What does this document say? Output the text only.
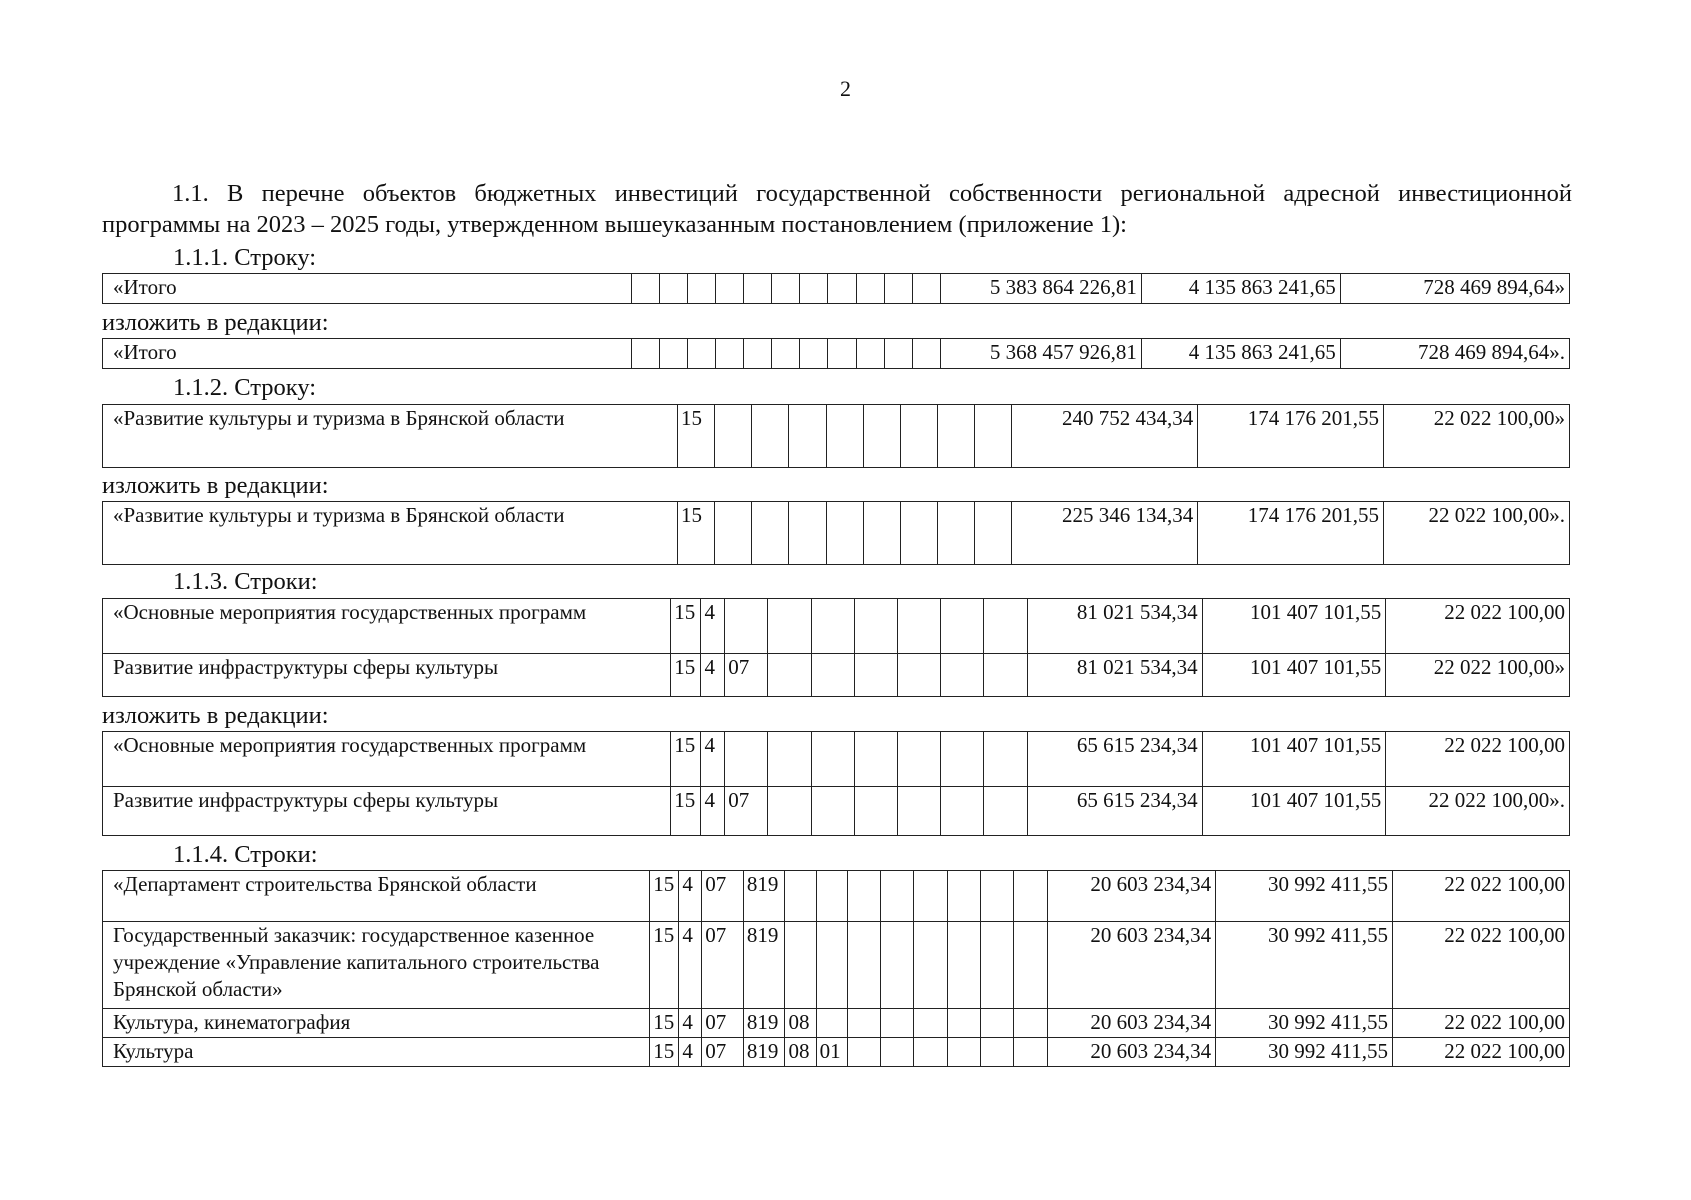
2
1.1. В перечне объектов бюджетных инвестиций государственной собственности региональной адресной инвестиционной программы на 2023 – 2025 годы, утвержденном вышеуказанным постановлением (приложение 1):
1.1.1. Строку:
«Итого												5 383 864 226,81	4 135 863 241,65	728 469 894,64»
изложить в редакции:
«Итого												5 368 457 926,81	4 135 863 241,65	728 469 894,64».
1.1.2. Строку:
«Развитие культуры и туризма в Брянской области	15									240 752 434,34	174 176 201,55	22 022 100,00»
изложить в редакции:
«Развитие культуры и туризма в Брянской области	15									225 346 134,34	174 176 201,55	22 022 100,00».
1.1.3. Строки:
«Основные мероприятия государственных программ	15	4								81 021 534,34	101 407 101,55	22 022 100,00
Развитие инфраструктуры сферы культуры	15	4	07							81 021 534,34	101 407 101,55	22 022 100,00»
изложить в редакции:
«Основные мероприятия государственных программ	15	4								65 615 234,34	101 407 101,55	22 022 100,00
Развитие инфраструктуры сферы культуры	15	4	07							65 615 234,34	101 407 101,55	22 022 100,00».
1.1.4. Строки:
«Департамент строительства Брянской области	15	4	07	819									20 603 234,34	30 992 411,55	22 022 100,00
Государственный заказчик: государственное казенное учреждение «Управление капитального строительства Брянской области»	15	4	07	819									20 603 234,34	30 992 411,55	22 022 100,00
Культура, кинематография	15	4	07	819	08								20 603 234,34	30 992 411,55	22 022 100,00
Культура	15	4	07	819	08	01							20 603 234,34	30 992 411,55	22 022 100,00
